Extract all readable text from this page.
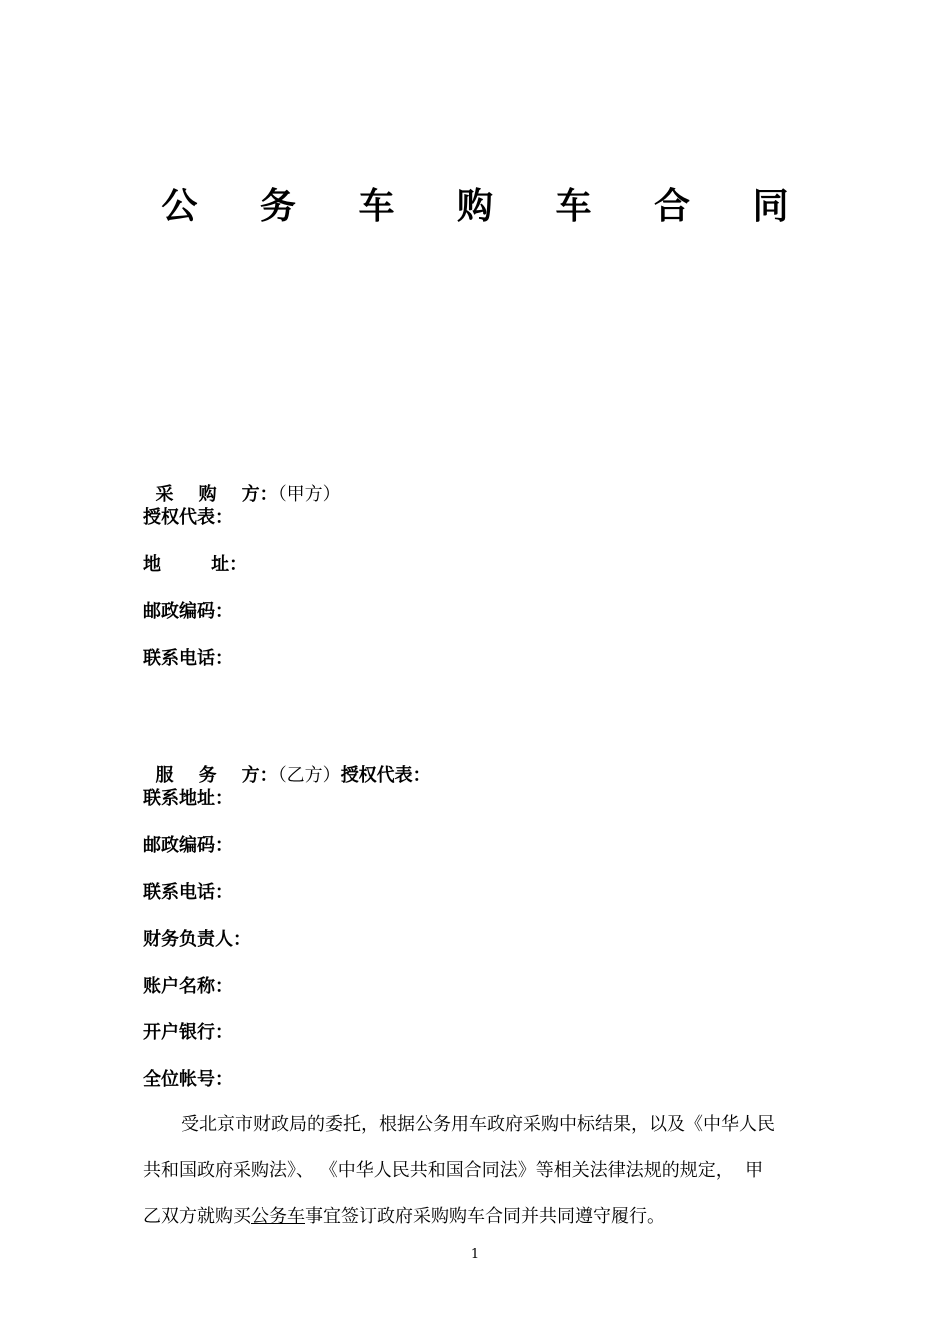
公 务 车 购 车 合 同

采    购    方：（甲方）

授权代表：
地        址：
邮政编码：
联系电话：

服    务    方：（乙方）授权代表：

联系地址：
邮政编码：
联系电话：
财务负责人：
账户名称：
开户银行：
全位帐号：
受北京市财政局的委托，根据公务用车政府采购中标结果，以及《中华人民
共和国政府采购法》、 《中华人民共和国合同法》等相关法律法规的规定，  甲
乙双方就购买公务车事宜签订政府采购购车合同并共同遵守履行。
1
